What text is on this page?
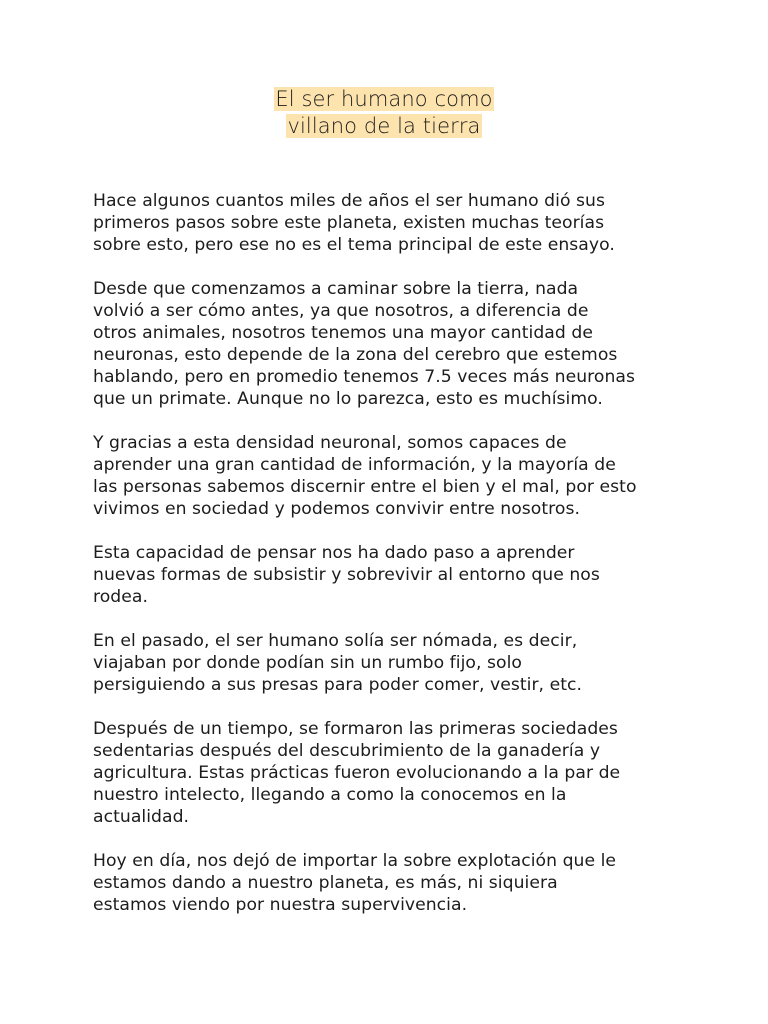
El ser humano como
villano de la tierra

Hace algunos cuantos miles de años el ser humano dió sus
primeros pasos sobre este planeta, existen muchas teorías
sobre esto, pero ese no es el tema principal de este ensayo.

Desde que comenzamos a caminar sobre la tierra, nada
volvió a ser cómo antes, ya que nosotros, a diferencia de
otros animales, nosotros tenemos una mayor cantidad de
neuronas, esto depende de la zona del cerebro que estemos
hablando, pero en promedio tenemos 7.5 veces más neuronas
que un primate. Aunque no lo parezca, esto es muchísimo.

Y gracias a esta densidad neuronal, somos capaces de
aprender una gran cantidad de información, y la mayoría de
las personas sabemos discernir entre el bien y el mal, por esto
vivimos en sociedad y podemos convivir entre nosotros.

Esta capacidad de pensar nos ha dado paso a aprender
nuevas formas de subsistir y sobrevivir al entorno que nos
rodea.

En el pasado, el ser humano solía ser nómada, es decir,
viajaban por donde podían sin un rumbo fijo, solo
persiguiendo a sus presas para poder comer, vestir, etc.

Después de un tiempo, se formaron las primeras sociedades
sedentarias después del descubrimiento de la ganadería y
agricultura. Estas prácticas fueron evolucionando a la par de
nuestro intelecto, llegando a como la conocemos en la
actualidad.

Hoy en día, nos dejó de importar la sobre explotación que le
estamos dando a nuestro planeta, es más, ni siquiera
estamos viendo por nuestra supervivencia.
